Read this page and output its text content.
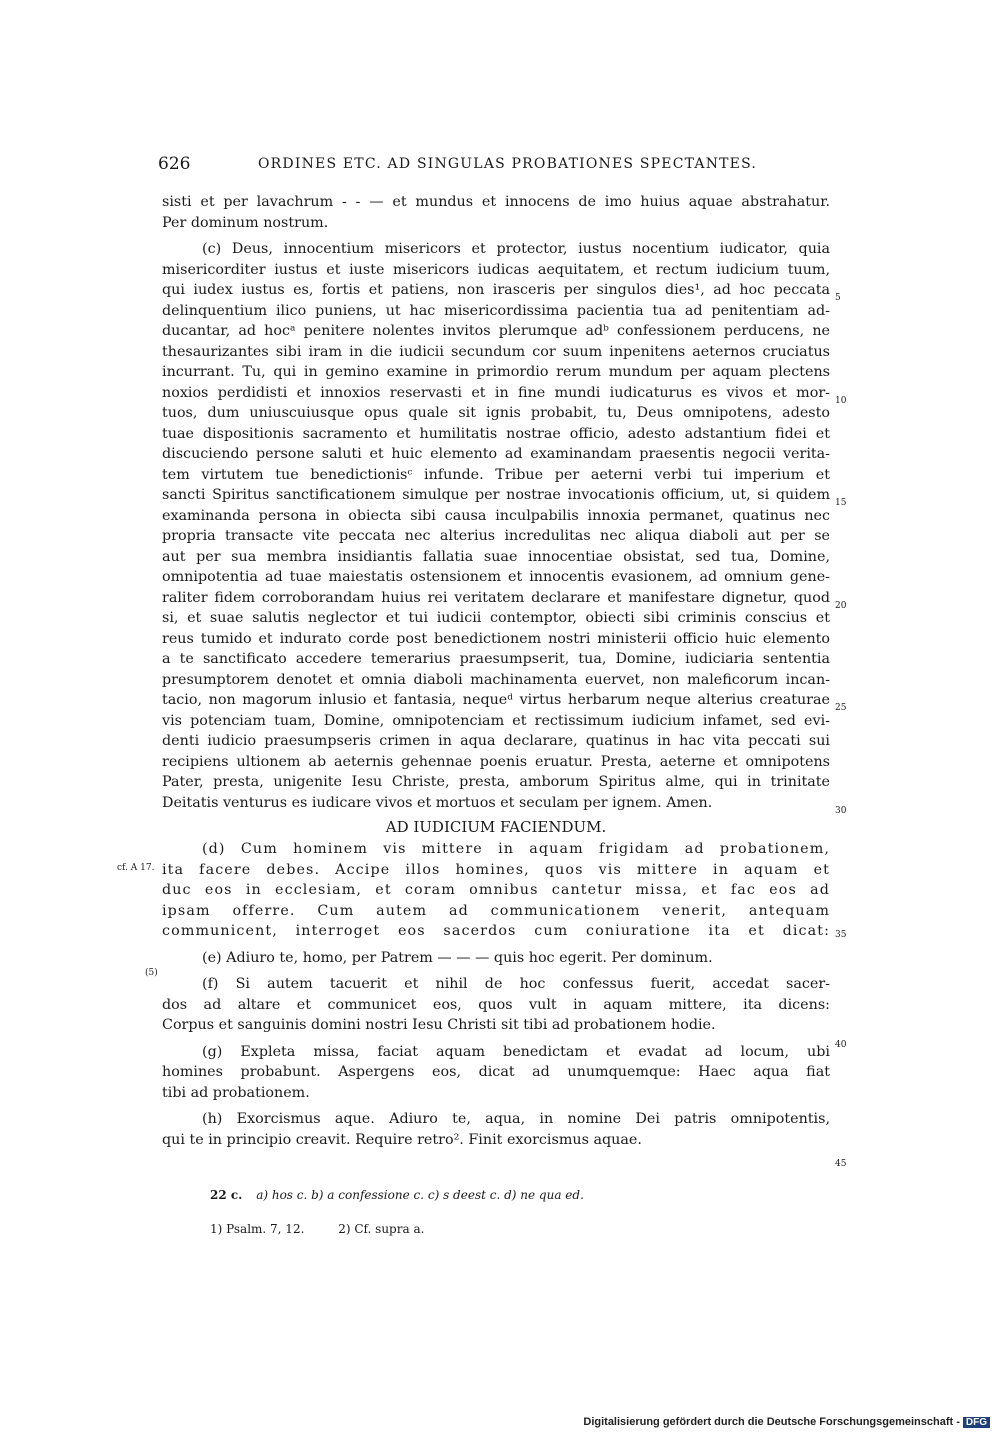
626	ORDINES ETC. AD SINGULAS PROBATIONES SPECTANTES.
sisti et per lavachrum - - — et mundus et innocens de imo huius aquae abstrahatur.
Per dominum nostrum.
(c) Deus, innocentium misericors et protector, iustus nocentium iudicator, quia
misericorditer iustus et iuste misericors iudicas aequitatem, et rectum iudicium tuum,
qui iudex iustus es, fortis et patiens, non irasceris per singulos dies¹, ad hoc peccata
delinquentium ilico puniens, ut hac misericordissima pacientia tua ad penitentiam ad-
ducantar, ad hocᵃ penitere nolentes invitos plerumque adᵇ confessionem perducens, ne
thesaurizantes sibi iram in die iudicii secundum cor suum inpenitens aeternos cruciatus
incurrant. Tu, qui in gemino examine in primordio rerum mundum per aquam plectens
noxios perdidisti et innoxios reservasti et in fine mundi iudicaturus es vivos et mor-
tuos, dum uniuscuiusque opus quale sit ignis probabit, tu, Deus omnipotens, adesto
tuae dispositionis sacramento et humilitatis nostrae officio, adesto adstantium fidei et
discuciendo persone saluti et huic elemento ad examinandam praesentis negocii verita-
tem virtutem tue benedictionisᶜ infunde. Tribue per aeterni verbi tui imperium et
sancti Spiritus sanctificationem simulque per nostrae invocationis officium, ut, si quidem
examinanda persona in obiecta sibi causa inculpabilis innoxia permanet, quatinus nec
propria transacte vite peccata nec alterius incredulitas nec aliqua diaboli aut per se
aut per sua membra insidiantis fallatia suae innocentiae obsistat, sed tua, Domine,
omnipotentia ad tuae maiestatis ostensionem et innocentis evasionem, ad omnium gene-
raliter fidem corroborandam huius rei veritatem declarare et manifestare dignetur, quod
si, et suae salutis neglector et tui iudicii contemptor, obiecti sibi criminis conscius et
reus tumido et indurato corde post benedictionem nostri ministerii officio huic elemento
a te sanctificato accedere temerarius praesumpserit, tua, Domine, iudiciaria sententia
presumptorem denotet et omnia diaboli machinamenta euervet, non maleficorum incan-
tacio, non magorum inlusio et fantasia, nequeᵈ virtus herbarum neque alterius creaturae
vis potenciam tuam, Domine, omnipotenciam et rectissimum iudicium infamet, sed evi-
denti iudicio praesumpseris crimen in aqua declarare, quatinus in hac vita peccati sui
recipiens ultionem ab aeternis gehennae poenis eruatur. Presta, aeterne et omnipotens
Pater, presta, unigenite Iesu Christe, presta, amborum Spiritus alme, qui in trinitate
Deitatis venturus es iudicare vivos et mortuos et seculam per ignem. Amen.
AD IUDICIUM FACIENDUM.
(d) Cum hominem vis mittere in aquam frigidam ad probationem,
ita facere debes. Accipe illos homines, quos vis mittere in aquam et
duc eos in ecclesiam, et coram omnibus cantetur missa, et fac eos ad
ipsam offerre. Cum autem ad communicationem venerit, antequam
communicent, interroget eos sacerdos cum coniuratione ita et dicat:
(e) Adiuro te, homo, per Patrem — — — quis hoc egerit. Per dominum.
(f) Si autem tacuerit et nihil de hoc confessus fuerit, accedat sacer-
dos ad altare et communicet eos, quos vult in aquam mittere, ita dicens:
Corpus et sanguinis domini nostri Iesu Christi sit tibi ad probationem hodie.
(g) Expleta missa, faciat aquam benedictam et evadat ad locum, ubi
homines probabunt. Aspergens eos, dicat ad unumquemque: Haec aqua fiat
tibi ad probationem.
(h) Exorcismus aque. Adiuro te, aqua, in nomine Dei patris omnipotentis,
qui te in principio creavit. Require retro². Finit exorcismus aquae.
5
10
15
20
25
30
35
40
45
cf. A 17.
(5)
22 c. a) hos c. b) a confessione c. c) s deest c. d) ne qua ed.
1) Psalm. 7, 12.	2) Cf. supra a.
Digitalisierung gefördert durch die Deutsche Forschungsgemeinschaft - DFG
